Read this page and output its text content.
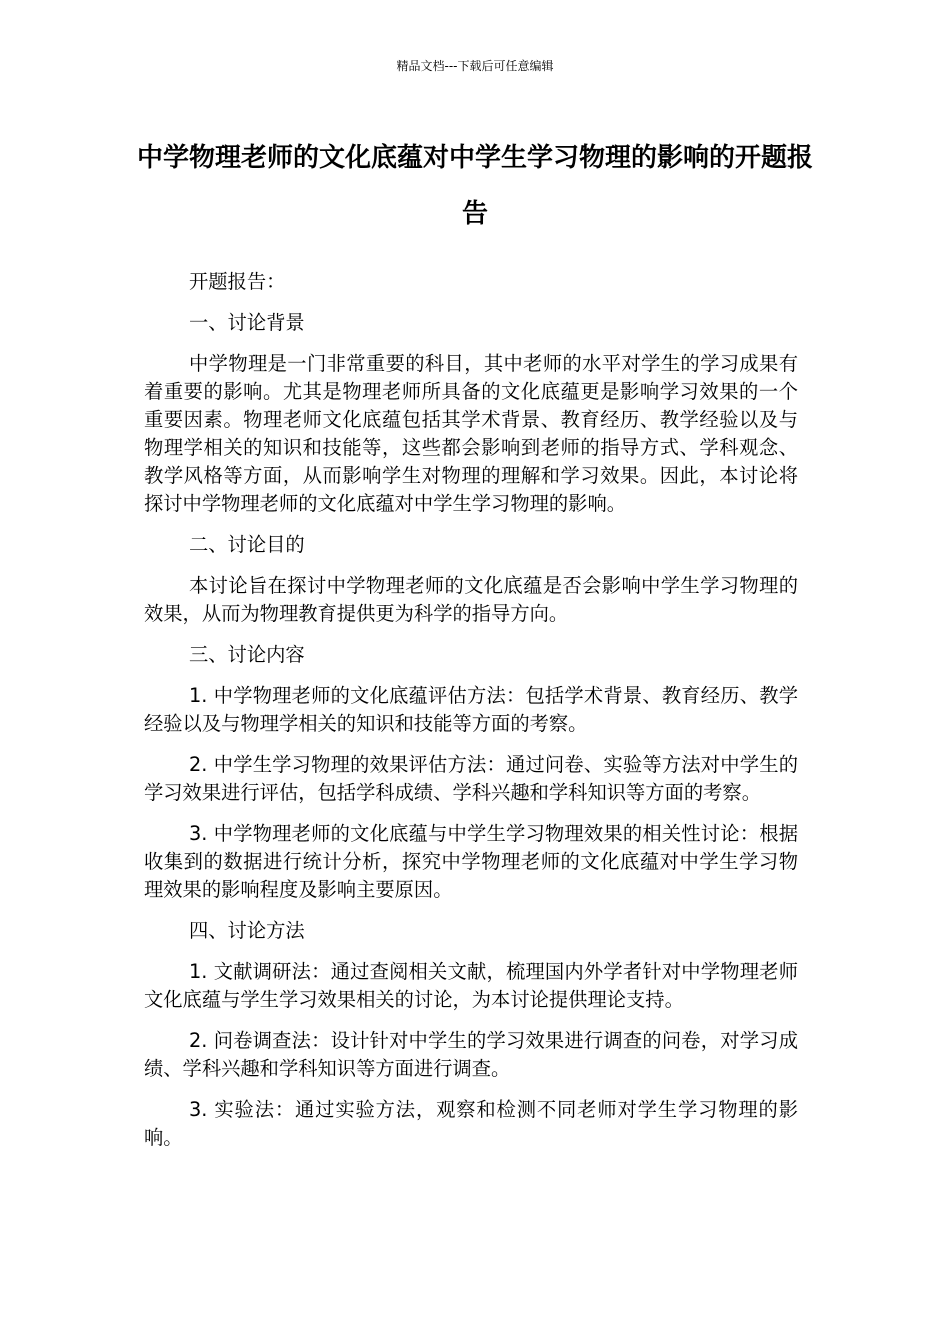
精品文档---下载后可任意编辑
中学物理老师的文化底蕴对中学生学习物理的影响的开题报告

开题报告：

一、讨论背景

中学物理是一门非常重要的科目，其中老师的水平对学生的学习成果有着重要的影响。尤其是物理老师所具备的文化底蕴更是影响学习效果的一个重要因素。物理老师文化底蕴包括其学术背景、教育经历、教学经验以及与物理学相关的知识和技能等，这些都会影响到老师的指导方式、学科观念、教学风格等方面，从而影响学生对物理的理解和学习效果。因此，本讨论将探讨中学物理老师的文化底蕴对中学生学习物理的影响。

二、讨论目的

本讨论旨在探讨中学物理老师的文化底蕴是否会影响中学生学习物理的效果，从而为物理教育提供更为科学的指导方向。

三、讨论内容

1. 中学物理老师的文化底蕴评估方法：包括学术背景、教育经历、教学经验以及与物理学相关的知识和技能等方面的考察。

2. 中学生学习物理的效果评估方法：通过问卷、实验等方法对中学生的学习效果进行评估，包括学科成绩、学科兴趣和学科知识等方面的考察。

3. 中学物理老师的文化底蕴与中学生学习物理效果的相关性讨论：根据收集到的数据进行统计分析，探究中学物理老师的文化底蕴对中学生学习物理效果的影响程度及影响主要原因。

四、讨论方法

1. 文献调研法：通过查阅相关文献，梳理国内外学者针对中学物理老师文化底蕴与学生学习效果相关的讨论，为本讨论提供理论支持。

2. 问卷调查法：设计针对中学生的学习效果进行调查的问卷，对学习成绩、学科兴趣和学科知识等方面进行调查。

3. 实验法：通过实验方法，观察和检测不同老师对学生学习物理的影响。
